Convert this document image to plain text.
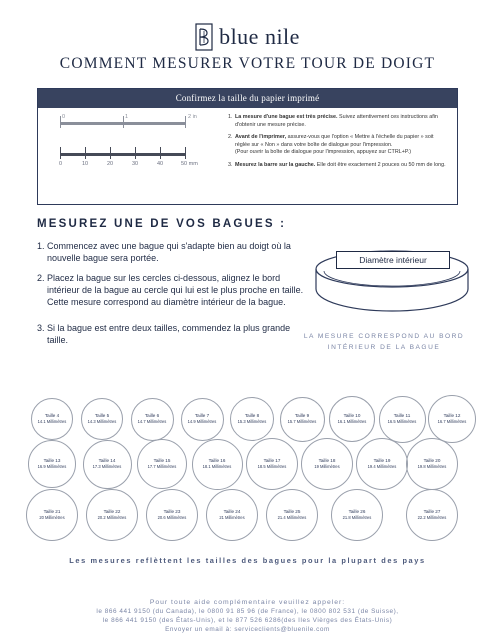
blue nile
COMMENT MESURER VOTRE TOUR DE DOIGT
Confirmez la taille du papier imprimé
0	1	2 in
0	10	20	30	40	50 mm
1. La mesure d'une bague est très précise. Suivez attentivement ces instructions afin
d'obtenir une mesure précise.
2. Avant de l'imprimer, assurez-vous que l'option « Mettre à l'échelle du papier » soit
réglée sur « Non » dans votre boîte de dialogue pour l'impression.
(Pour ouvrir la boîte de dialogue pour l'impression, appuyez sur CTRL+P.)
3. Mesurez la barre sur la gauche. Elle doit être exactement 2 pouces ou 50 mm de long.
MESUREZ UNE DE VOS BAGUES :
1. Commencez avec une bague qui s'adapte bien au doigt où la nouvelle bague sera portée.
2. Placez la bague sur les cercles ci-dessous, alignez le bord intérieur de la bague au cercle qui lui est le plus proche en taille. Cette mesure correspond au diamètre intérieur de la bague.
3. Si la bague est entre deux tailles, commendez la plus grande taille.
Diamètre intérieur
LA MESURE CORRESPOND AU BORD INTÉRIEUR DE LA BAGUE
Taille 4
14.1 Millimètres
Taille 5
14.3 Millimètres
Taille 6
14.7 Millimètres
Taille 7
14.9 Millimètres
Taille 8
15.3 Millimètres
Taille 9
15.7 Millimètres
Taille 10
16.1 Millimètres
Taille 11
16.5 Millimètres
Taille 12
16.7 Millimètres
Taille 13
16.9 Millimètres
Taille 14
17.3 Millimètres
Taille 15
17.7 Millimètres
Taille 16
18.1 Millimètres
Taille 17
18.5 Millimètres
Taille 18
19 Millimètres
Taille 19
19.4 Millimètres
Taille 20
19.8 Millimètres
Taille 21
20 Millimètres
Taille 22
20.2 Millimètres
Taille 23
20.6 Millimètres
Taille 24
21 Millimètres
Taille 25
21.4 Millimètres
Taille 26
21.8 Millimètres
Taille 27
22.2 Millimètres
Les mesures reflèttent les tailles des bagues pour la plupart des pays
Pour toute aide complémentaire veuillez appeler:
le 866 441 9150 (du Canada), le 0800 91 85 96 (de France), le 0800 802 531 (de Suisse),
le 866 441 9150 (des États-Unis), et le 877 526 6286(des Iles Vièrges des États-Unis)
Envoyer un email à: serviceclients@bluenile.com
